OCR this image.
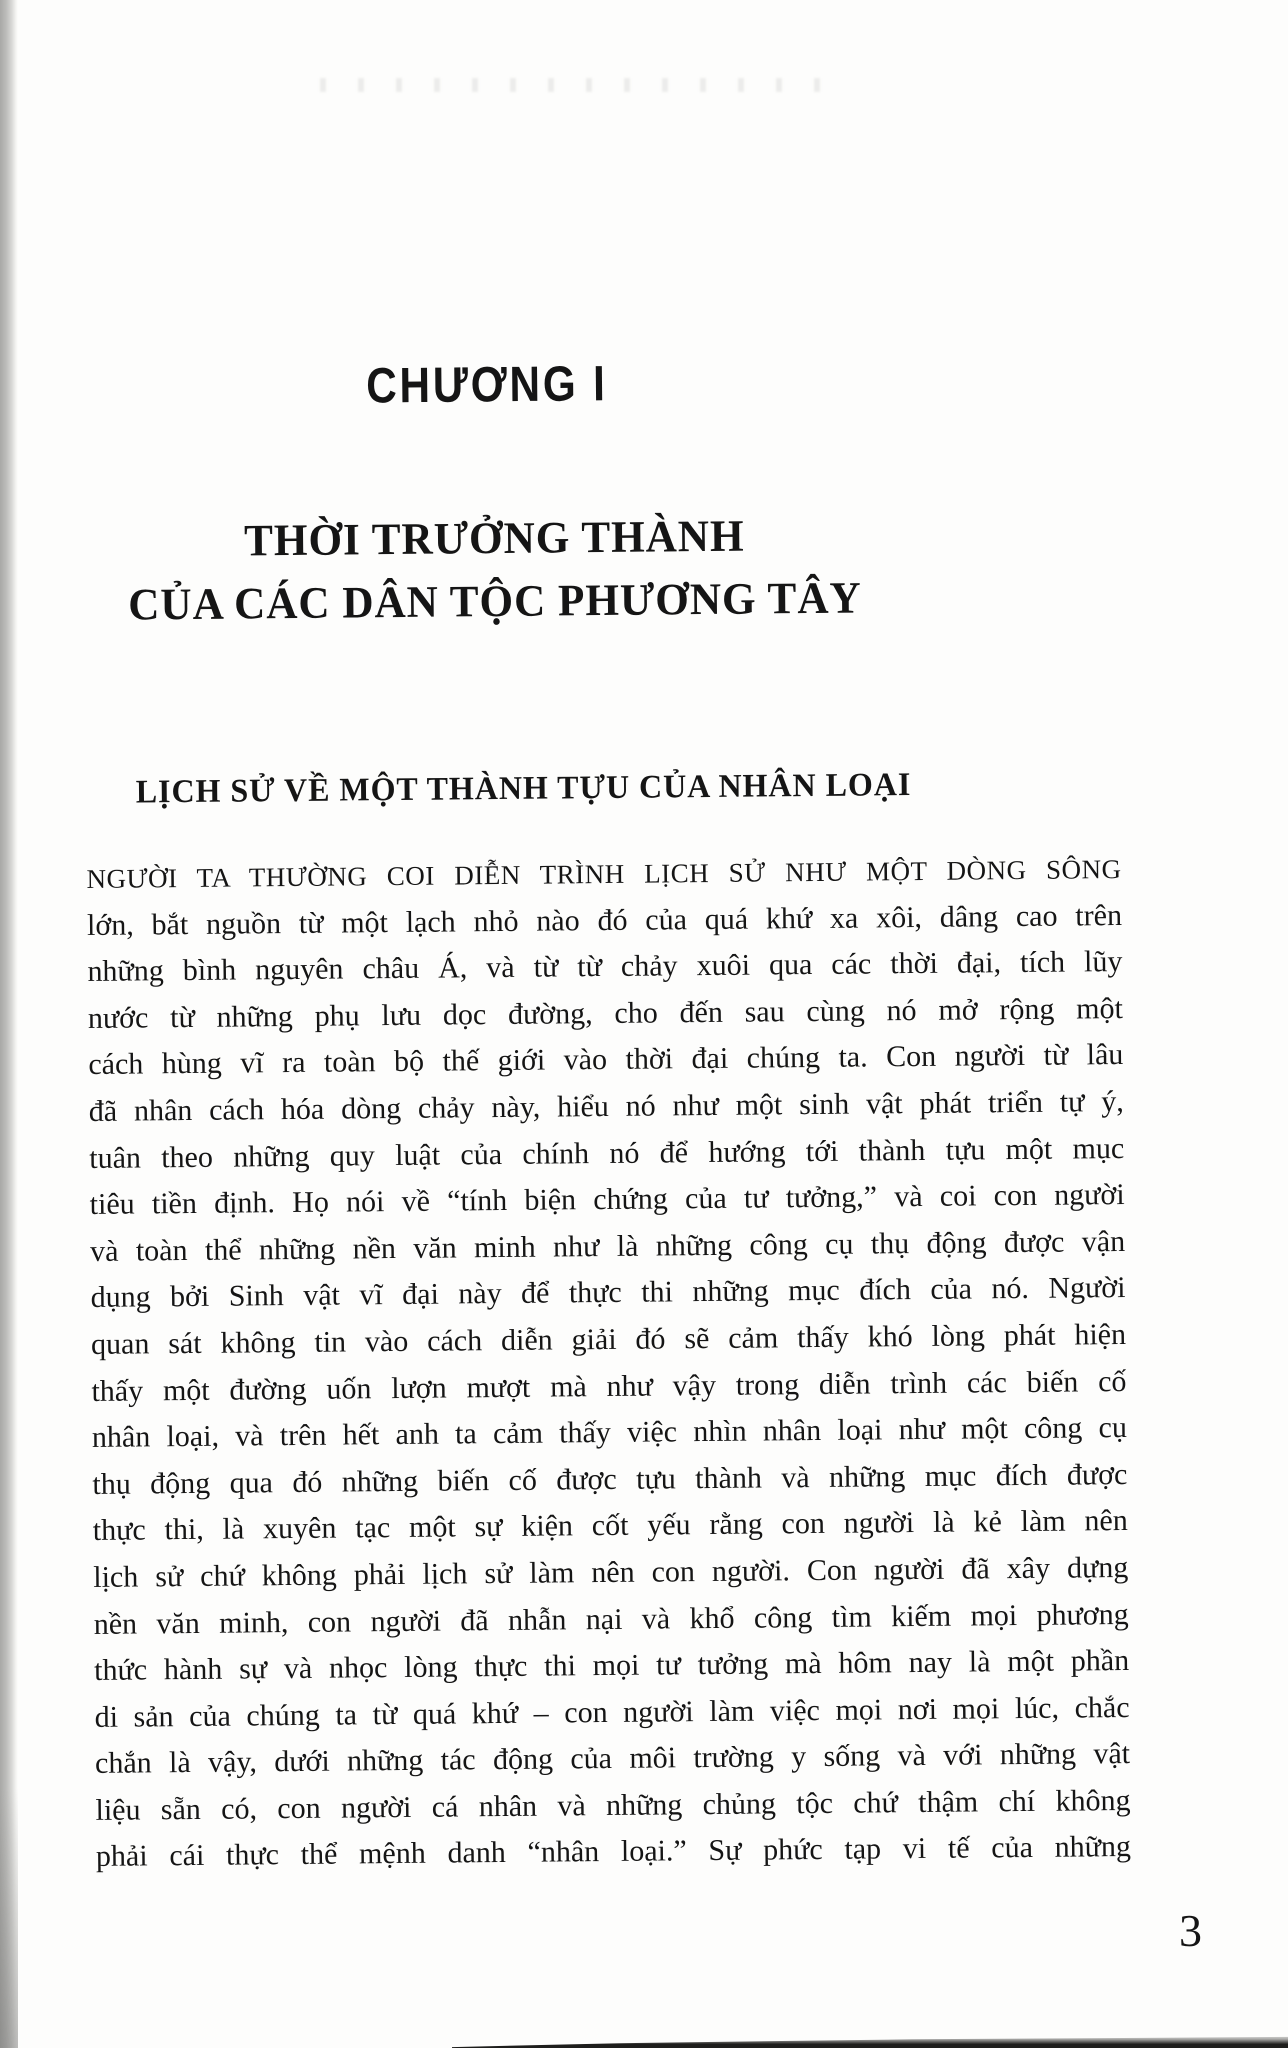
CHƯƠNG I
THỜI TRƯỞNG THÀNH
CỦA CÁC DÂN TỘC PHƯƠNG TÂY
LỊCH SỬ VỀ MỘT THÀNH TỰU CỦA NHÂN LOẠI
NGƯỜI TA THƯỜNG COI DIỄN TRÌNH LỊCH SỬ NHƯ MỘT DÒNG SÔNG
lớn, bắt nguồn từ một lạch nhỏ nào đó của quá khứ xa xôi, dâng cao trên
những bình nguyên châu Á, và từ từ chảy xuôi qua các thời đại, tích lũy
nước từ những phụ lưu dọc đường, cho đến sau cùng nó mở rộng một
cách hùng vĩ ra toàn bộ thế giới vào thời đại chúng ta. Con người từ lâu
đã nhân cách hóa dòng chảy này, hiểu nó như một sinh vật phát triển tự ý,
tuân theo những quy luật của chính nó để hướng tới thành tựu một mục
tiêu tiền định. Họ nói về “tính biện chứng của tư tưởng,” và coi con người
và toàn thể những nền văn minh như là những công cụ thụ động được vận
dụng bởi Sinh vật vĩ đại này để thực thi những mục đích của nó. Người
quan sát không tin vào cách diễn giải đó sẽ cảm thấy khó lòng phát hiện
thấy một đường uốn lượn mượt mà như vậy trong diễn trình các biến cố
nhân loại, và trên hết anh ta cảm thấy việc nhìn nhân loại như một công cụ
thụ động qua đó những biến cố được tựu thành và những mục đích được
thực thi, là xuyên tạc một sự kiện cốt yếu rằng con người là kẻ làm nên
lịch sử chứ không phải lịch sử làm nên con người. Con người đã xây dựng
nền văn minh, con người đã nhẫn nại và khổ công tìm kiếm mọi phương
thức hành sự và nhọc lòng thực thi mọi tư tưởng mà hôm nay là một phần
di sản của chúng ta từ quá khứ – con người làm việc mọi nơi mọi lúc, chắc
chắn là vậy, dưới những tác động của môi trường y sống và với những vật
liệu sẵn có, con người cá nhân và những chủng tộc chứ thậm chí không
phải cái thực thể mệnh danh “nhân loại.” Sự phức tạp vi tế của những
3
